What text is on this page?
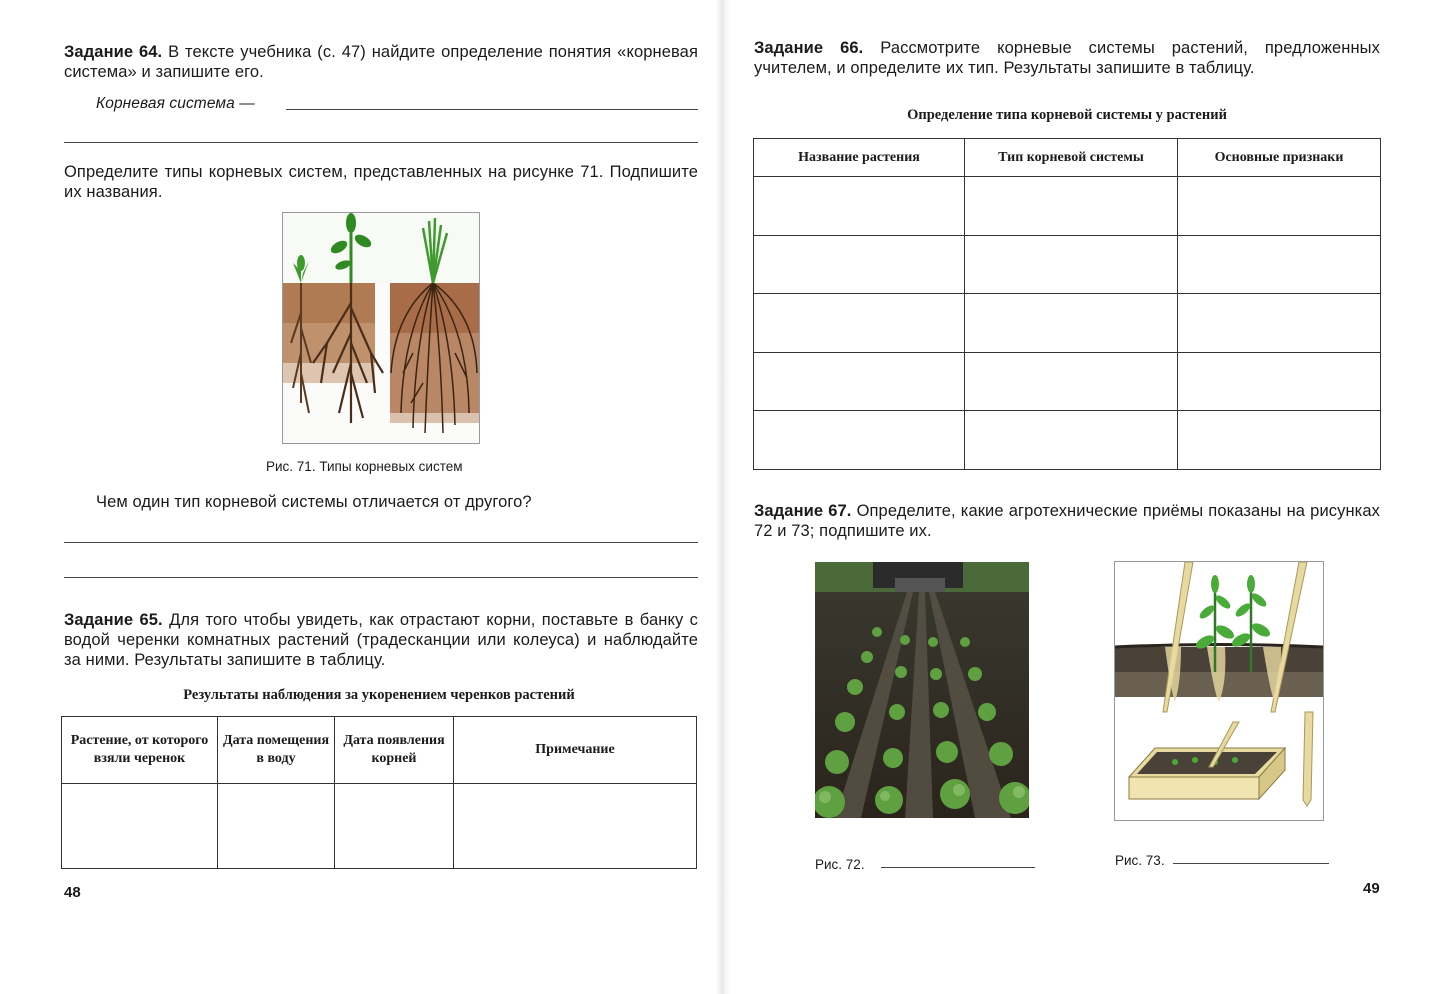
Задание 64. В тексте учебника (с. 47) найдите определение понятия «корневая система» и запишите его.
Корневая система —
Определите типы корневых систем, представленных на рисунке 71. Подпишите их названия.
Рис. 71. Типы корневых систем
Чем один тип корневой системы отличается от другого?
Задание 65. Для того чтобы увидеть, как отрастают корни, поставьте в банку с водой черенки комнатных растений (традесканции или колеуса) и наблюдайте за ними. Результаты запишите в таблицу.
Результаты наблюдения за укоренением черенков растений
Растение, от которого взяли черенок	Дата помещения в воду	Дата появления корней	Примечание

48
Задание 66. Рассмотрите корневые системы растений, предложенных учителем, и определите их тип. Результаты запишите в таблицу.
Определение типа корневой системы у растений
Название растения	Тип корневой системы	Основные признаки

Задание 67. Определите, какие агротехнические приёмы показаны на рисунках 72 и 73; подпишите их.
Рис. 72.	Рис. 73.
49
